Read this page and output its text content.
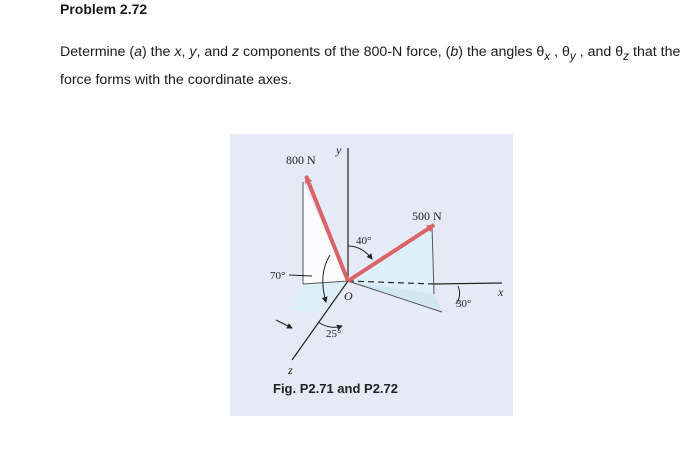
Problem 2.72
Determine (a) the x, y, and z components of the 800-N force, (b) the angles $\theta_x$ , $\theta_y$ , and $\theta_z$ that the force forms with the coordinate axes.
800 N
500 N
y
x
z
O
40°
70°
25°
30°
Fig. P2.71 and P2.72
